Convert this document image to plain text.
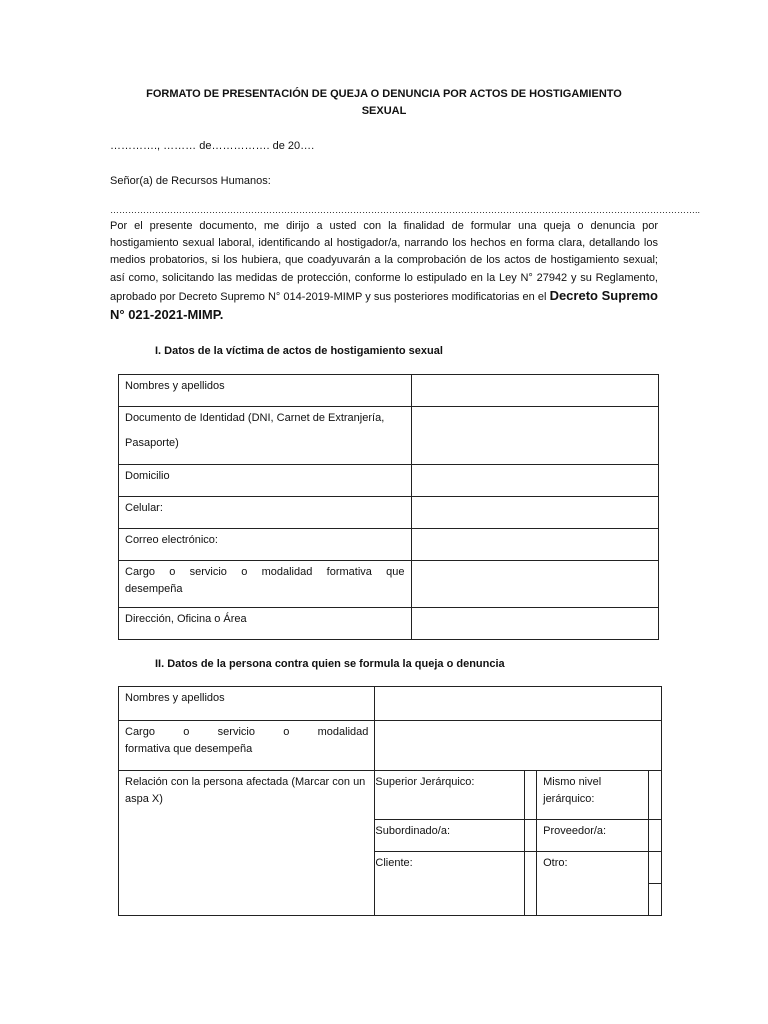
FORMATO DE PRESENTACIÓN DE QUEJA O DENUNCIA POR ACTOS DE HOSTIGAMIENTO
SEXUAL
…………., ……… de……………. de 20….
Señor(a) de Recursos Humanos:
……………………………………………………………………………………………………………………………………………………………………………..
Por el presente documento, me dirijo a usted con la finalidad de formular una queja o denuncia por hostigamiento sexual laboral, identificando al hostigador/a, narrando los hechos en forma clara, detallando los medios probatorios, si los hubiera, que coadyuvarán a la comprobación de los actos de hostigamiento sexual; así como, solicitando las medidas de protección, conforme lo estipulado en la Ley N° 27942 y su Reglamento, aprobado por Decreto Supremo N° 014-2019-MIMP y sus posteriores modificatorias en el Decreto Supremo N° 021-2021-MIMP.
I. Datos de la víctima de actos de hostigamiento sexual
Nombres y apellidos	

Documento de Identidad (DNI, Carnet de Extranjería,
Pasaporte)	

Domicilio	

Celular:	

Correo electrónico:	

Cargo o servicio o modalidad formativa que
desempeña	

Dirección, Oficina o Área	

II. Datos de la persona contra quien se formula la queja o denuncia
Nombres y apellidos				

Cargo o servicio o modalidad
formativa que desempeña				

Relación con la persona afectada (Marcar con un aspa X)	Superior Jerárquico:		Mismo nivel jerárquico:	

	Subordinado/a:		Proveedor/a:	

	Cliente:		Otro:	
